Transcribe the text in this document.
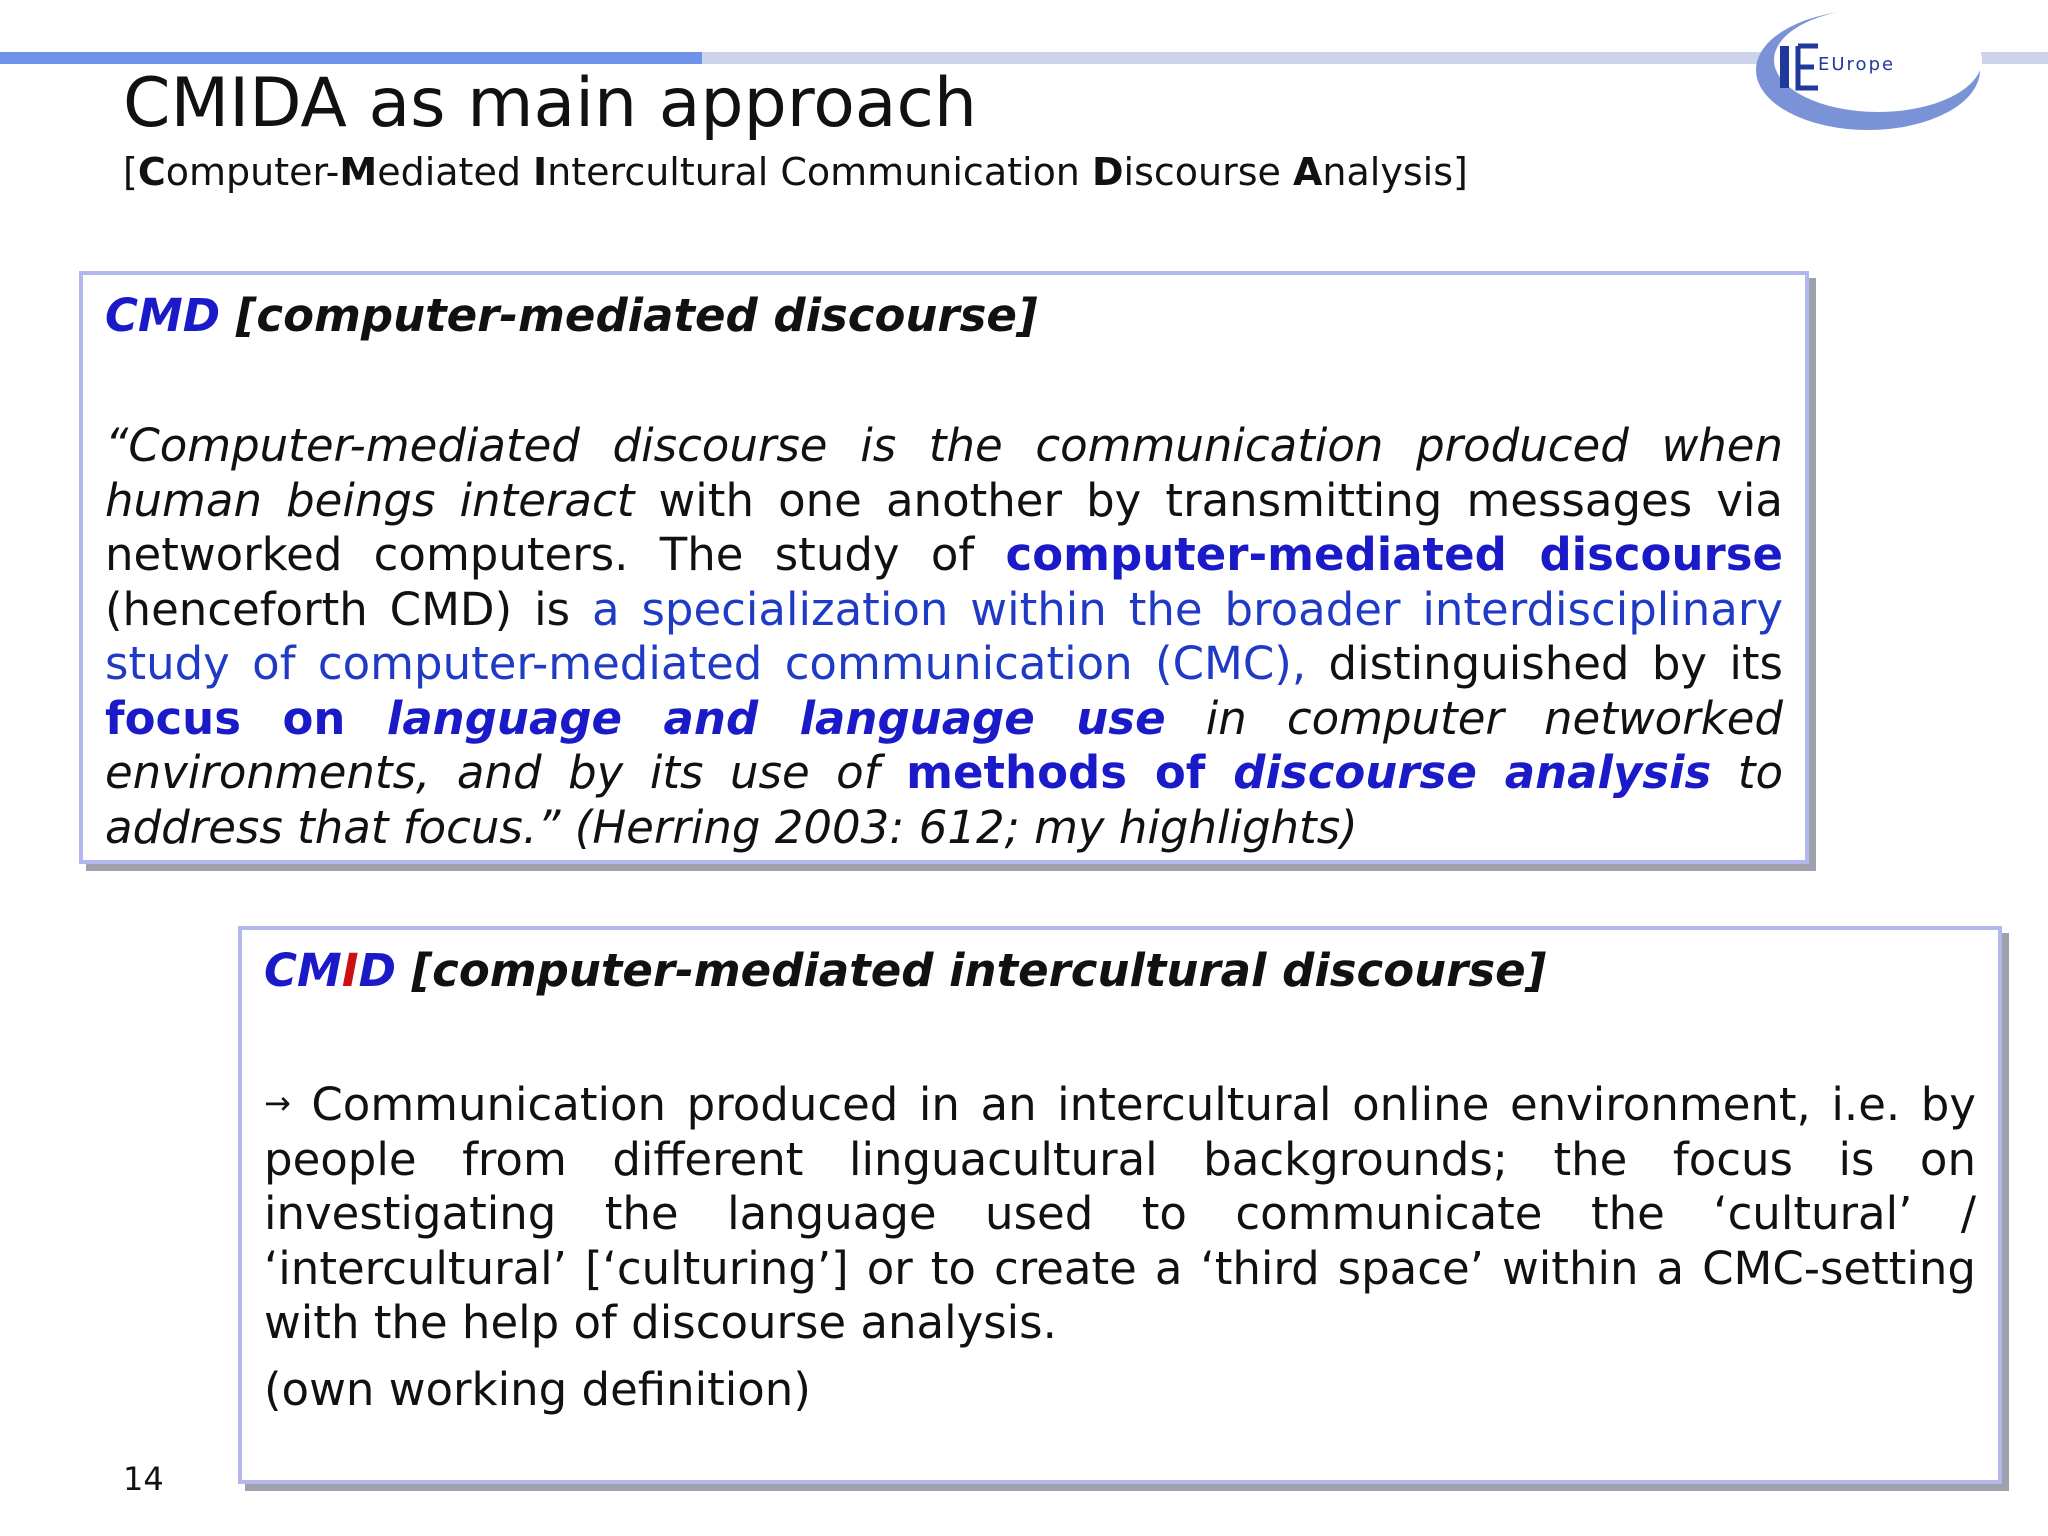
EUrope
CMIDA as main approach
[Computer-Mediated Intercultural Communication Discourse Analysis]

CMD [computer-mediated discourse]

“Computer-mediated discourse is the communication produced when human beings interact with one another by transmitting messages via networked computers. The study of computer-mediated discourse (henceforth CMD) is a specialization within the broader interdisciplinary study of computer-mediated communication (CMC), distinguished by its focus on language and language use in computer networked environments, and by its use of methods of discourse analysis to address that focus.” (Herring 2003: 612; my highlights)

CMID [computer-mediated intercultural discourse]

→ Communication produced in an intercultural online environment, i.e. by people from different linguacultural backgrounds; the focus is on investigating the language used to communicate the ‘cultural’ / ‘intercultural’ [‘culturing’] or to create a ‘third space’ within a CMC-setting with the help of discourse analysis.

(own working definition)

14
